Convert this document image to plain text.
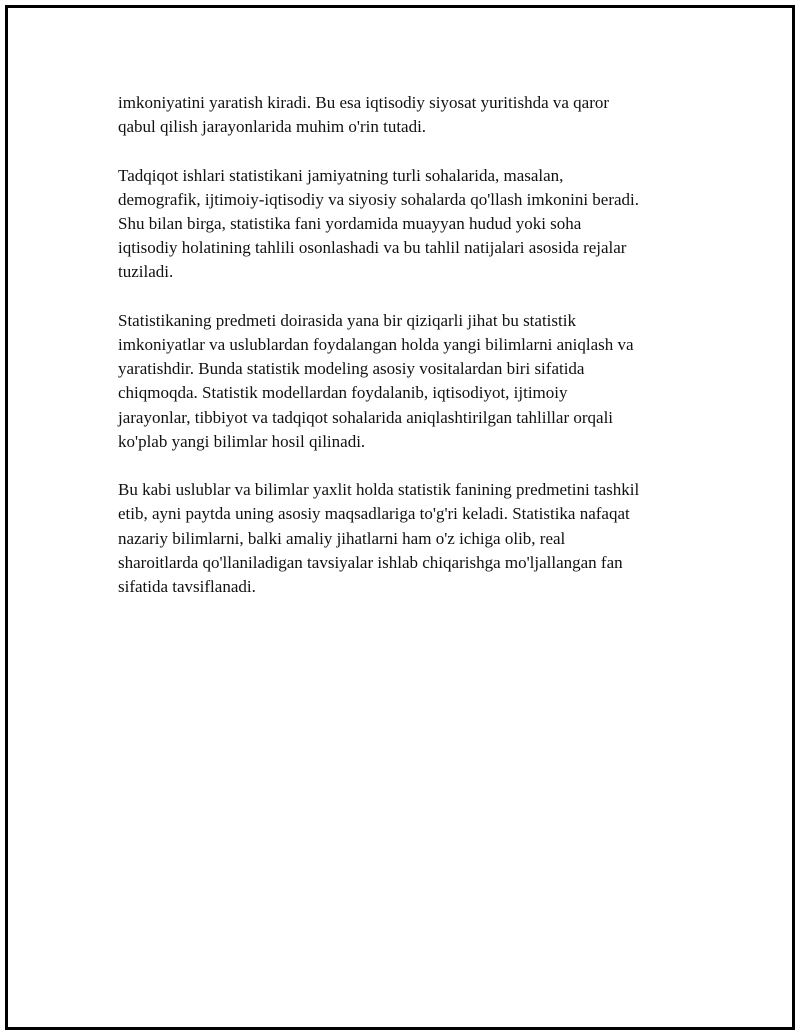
imkoniyatini yaratish kiradi. Bu esa iqtisodiy siyosat yuritishda va qaror
qabul qilish jarayonlarida muhim o'rin tutadi.

Tadqiqot ishlari statistikani jamiyatning turli sohalarida, masalan,
demografik, ijtimoiy-iqtisodiy va siyosiy sohalarda qo'llash imkonini beradi.
Shu bilan birga, statistika fani yordamida muayyan hudud yoki soha
iqtisodiy holatining tahlili osonlashadi va bu tahlil natijalari asosida rejalar
tuziladi.

Statistikaning predmeti doirasida yana bir qiziqarli jihat bu statistik
imkoniyatlar va uslublardan foydalangan holda yangi bilimlarni aniqlash va
yaratishdir. Bunda statistik modeling asosiy vositalardan biri sifatida
chiqmoqda. Statistik modellardan foydalanib, iqtisodiyot, ijtimoiy
jarayonlar, tibbiyot va tadqiqot sohalarida aniqlashtirilgan tahlillar orqali
ko'plab yangi bilimlar hosil qilinadi.

Bu kabi uslublar va bilimlar yaxlit holda statistik fanining predmetini tashkil
etib, ayni paytda uning asosiy maqsadlariga to'g'ri keladi. Statistika nafaqat
nazariy bilimlarni, balki amaliy jihatlarni ham o'z ichiga olib, real
sharoitlarda qo'llaniladigan tavsiyalar ishlab chiqarishga mo'ljallangan fan
sifatida tavsiflanadi.
